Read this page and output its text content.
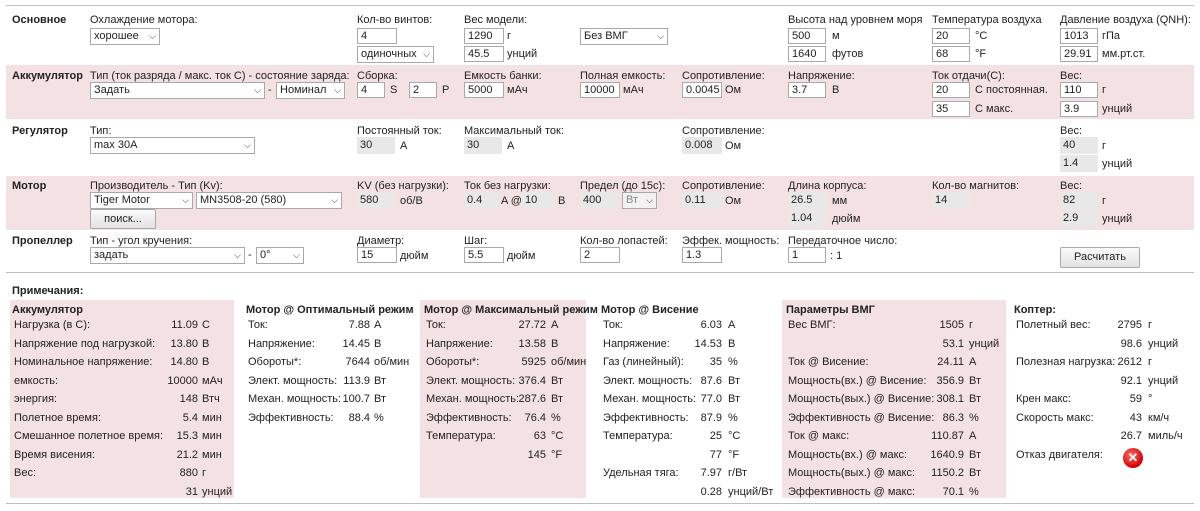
Основное Охлаждение мотора:
хорошее ⌵
Кол-во винтов:
4
одиночных ⌵
Вес модели:
1290	г
45.5	унций
Без ВМГ	⌵
Высота над уровнем моря
500	м
1640	футов
Температура воздуха
20	°C
68	°F
Давление воздуха (QNH):
1013	гПа
29.91 мм.рт.ст.
Аккумулятор Тип (ток разряда / макс. ток C) - состояние заряда:
Задать	⌵ - Номинал ⌵
Сборка:
4	S	2	P
Емкость банки:
5000	мАч
Полная емкость:
10000 мАч
Сопротивление:
0.0045 Ом
Напряжение:
3.7	В
Ток отдачи(C):
20	С постоянная.
35	С макс.
Вес:
110	г
3.9	унций
Регулятор Тип:
max 30A	⌵
Постоянный ток:
30	A
Максимальный ток:
30	A
Сопротивление:
0.008	Ом
Вес:
40	г
1.4	унций
Мотор	Производитель - Тип (Kv):
Tiger Motor	⌵	MN3508-20 (580)	⌵
поиск...
KV (без нагрузки):
580	об/В
Ток без нагрузки:
0.4	A @ 10	В
Предел (до 15с):
400	Вт ⌵
Сопротивление:
0.11	Ом
Длина корпуса:
26.5	мм
1.04	дюйм
Кол-во магнитов:
14
Вес:
82	г
2.9	унций
Пропеллер Тип - угол кручения:
задать	⌵ - 0°	⌵
Диаметр:
15	дюйм
Шаг:
5.5	дюйм
Кол-во лопастей:
2
Эффек. мощность:
1.3
Передаточное число:
1	: 1	Расчитать
Примечания:
Аккумулятор
Нагрузка (в C):	11.09 C
Напряжение под нагрузкой:	13.80 В
Номинальное напряжение:	14.80 В
емкость:	10000 мАч
энергия:	148 Втч
Полетное время:	5.4 мин
Смешанное полетное время:	15.3 мин
Время висения:	21.2 мин
Вес:	880 г
31 унций
Мотор @ Оптимальный режим
Ток:	7.88 A
Напряжение:	14.45 В
Обороты*:	7644 об/мин
Элект. мощность: 113.9 Вт
Механ. мощность: 100.7 Вт
Эффективность:	88.4 %
Мотор @ Максимальный режим
Ток:	27.72 A
Напряжение:	13.58 В
Обороты*:	5925 об/мин
Элект. мощность: 376.4 Вт
Механ. мощность: 287.6 Вт
Эффективность:	76.4 %
Температура:	63 °C
145 °F
Мотор @ Висение
Ток:	6.03 A
Напряжение:	14.53 В
Газ (линейный):	35 %
Элект. мощность: 87.6 Вт
Механ. мощность: 77.0 Вт
Эффективность:	87.9 %
Температура:	25 °C
77 °F
Удельная тяга:	7.97 г/Вт
0.28 унций/Вт
Параметры ВМГ
Вес ВМГ:	1505 г
53.1 унций
Ток @ Висение:	24.11 A
Мощность(вх.) @ Висение: 356.9 Вт
Мощность(вых.) @ Висение: 308.1 Вт
Эффективность @ Висение: 86.3 %
Ток @ макс:	110.87 A
Мощность(вх.) @ макс:	1640.9 Вт
Мощность(вых.) @ макс:	1150.2 Вт
Эффективность @ макс:	70.1 %
Коптер:
Полетный вес:	2795 г
98.6 унций
Полезная нагрузка: 2612 г
92.1 унций
Крен макс:	59 °
Скорость макс:	43 км/ч
26.7 миль/ч
Отказ двигателя:	✕
